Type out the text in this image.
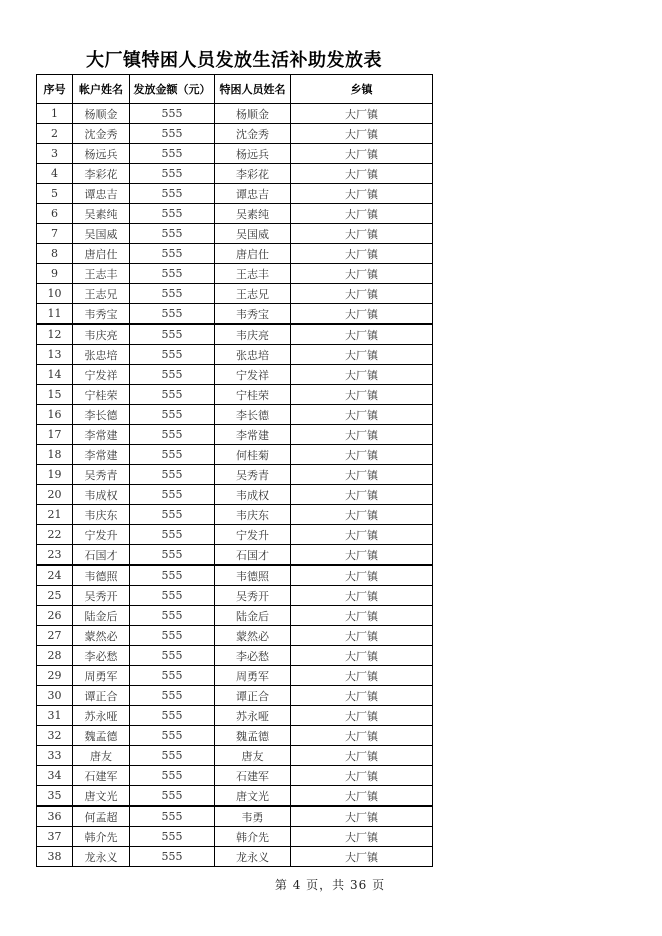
大厂镇特困人员发放生活补助发放表
序号	帐户姓名	发放金额（元）	特困人员姓名	乡镇
1	杨顺金	555	杨顺金	大厂镇
2	沈金秀	555	沈金秀	大厂镇
3	杨远兵	555	杨远兵	大厂镇
4	李彩花	555	李彩花	大厂镇
5	谭忠吉	555	谭忠吉	大厂镇
6	吴素纯	555	吴素纯	大厂镇
7	吴国威	555	吴国威	大厂镇
8	唐启仕	555	唐启仕	大厂镇
9	王志丰	555	王志丰	大厂镇
10	王志兄	555	王志兄	大厂镇
11	韦秀宝	555	韦秀宝	大厂镇
12	韦庆亮	555	韦庆亮	大厂镇
13	张忠培	555	张忠培	大厂镇
14	宁发祥	555	宁发祥	大厂镇
15	宁桂荣	555	宁桂荣	大厂镇
16	李长德	555	李长德	大厂镇
17	李常建	555	李常建	大厂镇
18	李常建	555	何桂菊	大厂镇
19	吴秀青	555	吴秀青	大厂镇
20	韦成权	555	韦成权	大厂镇
21	韦庆东	555	韦庆东	大厂镇
22	宁发升	555	宁发升	大厂镇
23	石国才	555	石国才	大厂镇
24	韦德照	555	韦德照	大厂镇
25	吴秀开	555	吴秀开	大厂镇
26	陆金后	555	陆金后	大厂镇
27	蒙然必	555	蒙然必	大厂镇
28	李必愁	555	李必愁	大厂镇
29	周勇军	555	周勇军	大厂镇
30	谭正合	555	谭正合	大厂镇
31	苏永哑	555	苏永哑	大厂镇
32	魏孟德	555	魏孟德	大厂镇
33	唐友	555	唐友	大厂镇
34	石建军	555	石建军	大厂镇
35	唐文光	555	唐文光	大厂镇
36	何孟超	555	韦勇	大厂镇
37	韩介先	555	韩介先	大厂镇
38	龙永义	555	龙永义	大厂镇
第 4 页，共 36 页
